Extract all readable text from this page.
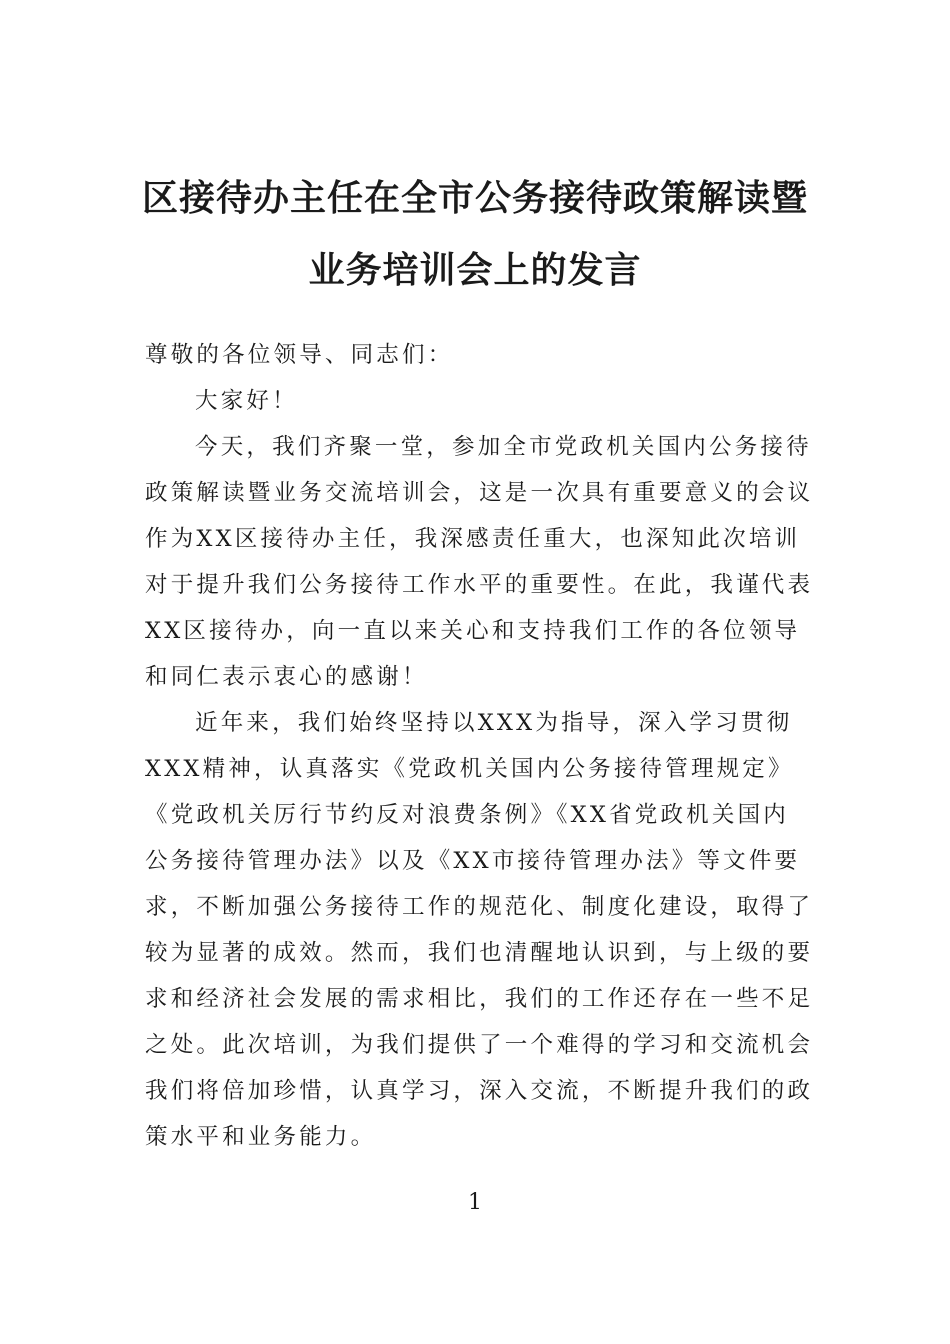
区接待办主任在全市公务接待政策解读暨
业务培训会上的发言

尊敬的各位领导、同志们：

大家好！

今天，我们齐聚一堂，参加全市党政机关国内公务接待

政策解读暨业务交流培训会，这是一次具有重要意义的会议

作为XX区接待办主任，我深感责任重大，也深知此次培训

对于提升我们公务接待工作水平的重要性。在此，我谨代表

XX区接待办，向一直以来关心和支持我们工作的各位领导

和同仁表示衷心的感谢！

近年来，我们始终坚持以XXX为指导，深入学习贯彻

XXX精神，认真落实《党政机关国内公务接待管理规定》

《党政机关厉行节约反对浪费条例》《XX省党政机关国内

公务接待管理办法》以及《XX市接待管理办法》等文件要

求，不断加强公务接待工作的规范化、制度化建设，取得了

较为显著的成效。然而，我们也清醒地认识到，与上级的要

求和经济社会发展的需求相比，我们的工作还存在一些不足

之处。此次培训，为我们提供了一个难得的学习和交流机会

我们将倍加珍惜，认真学习，深入交流，不断提升我们的政

策水平和业务能力。

1
